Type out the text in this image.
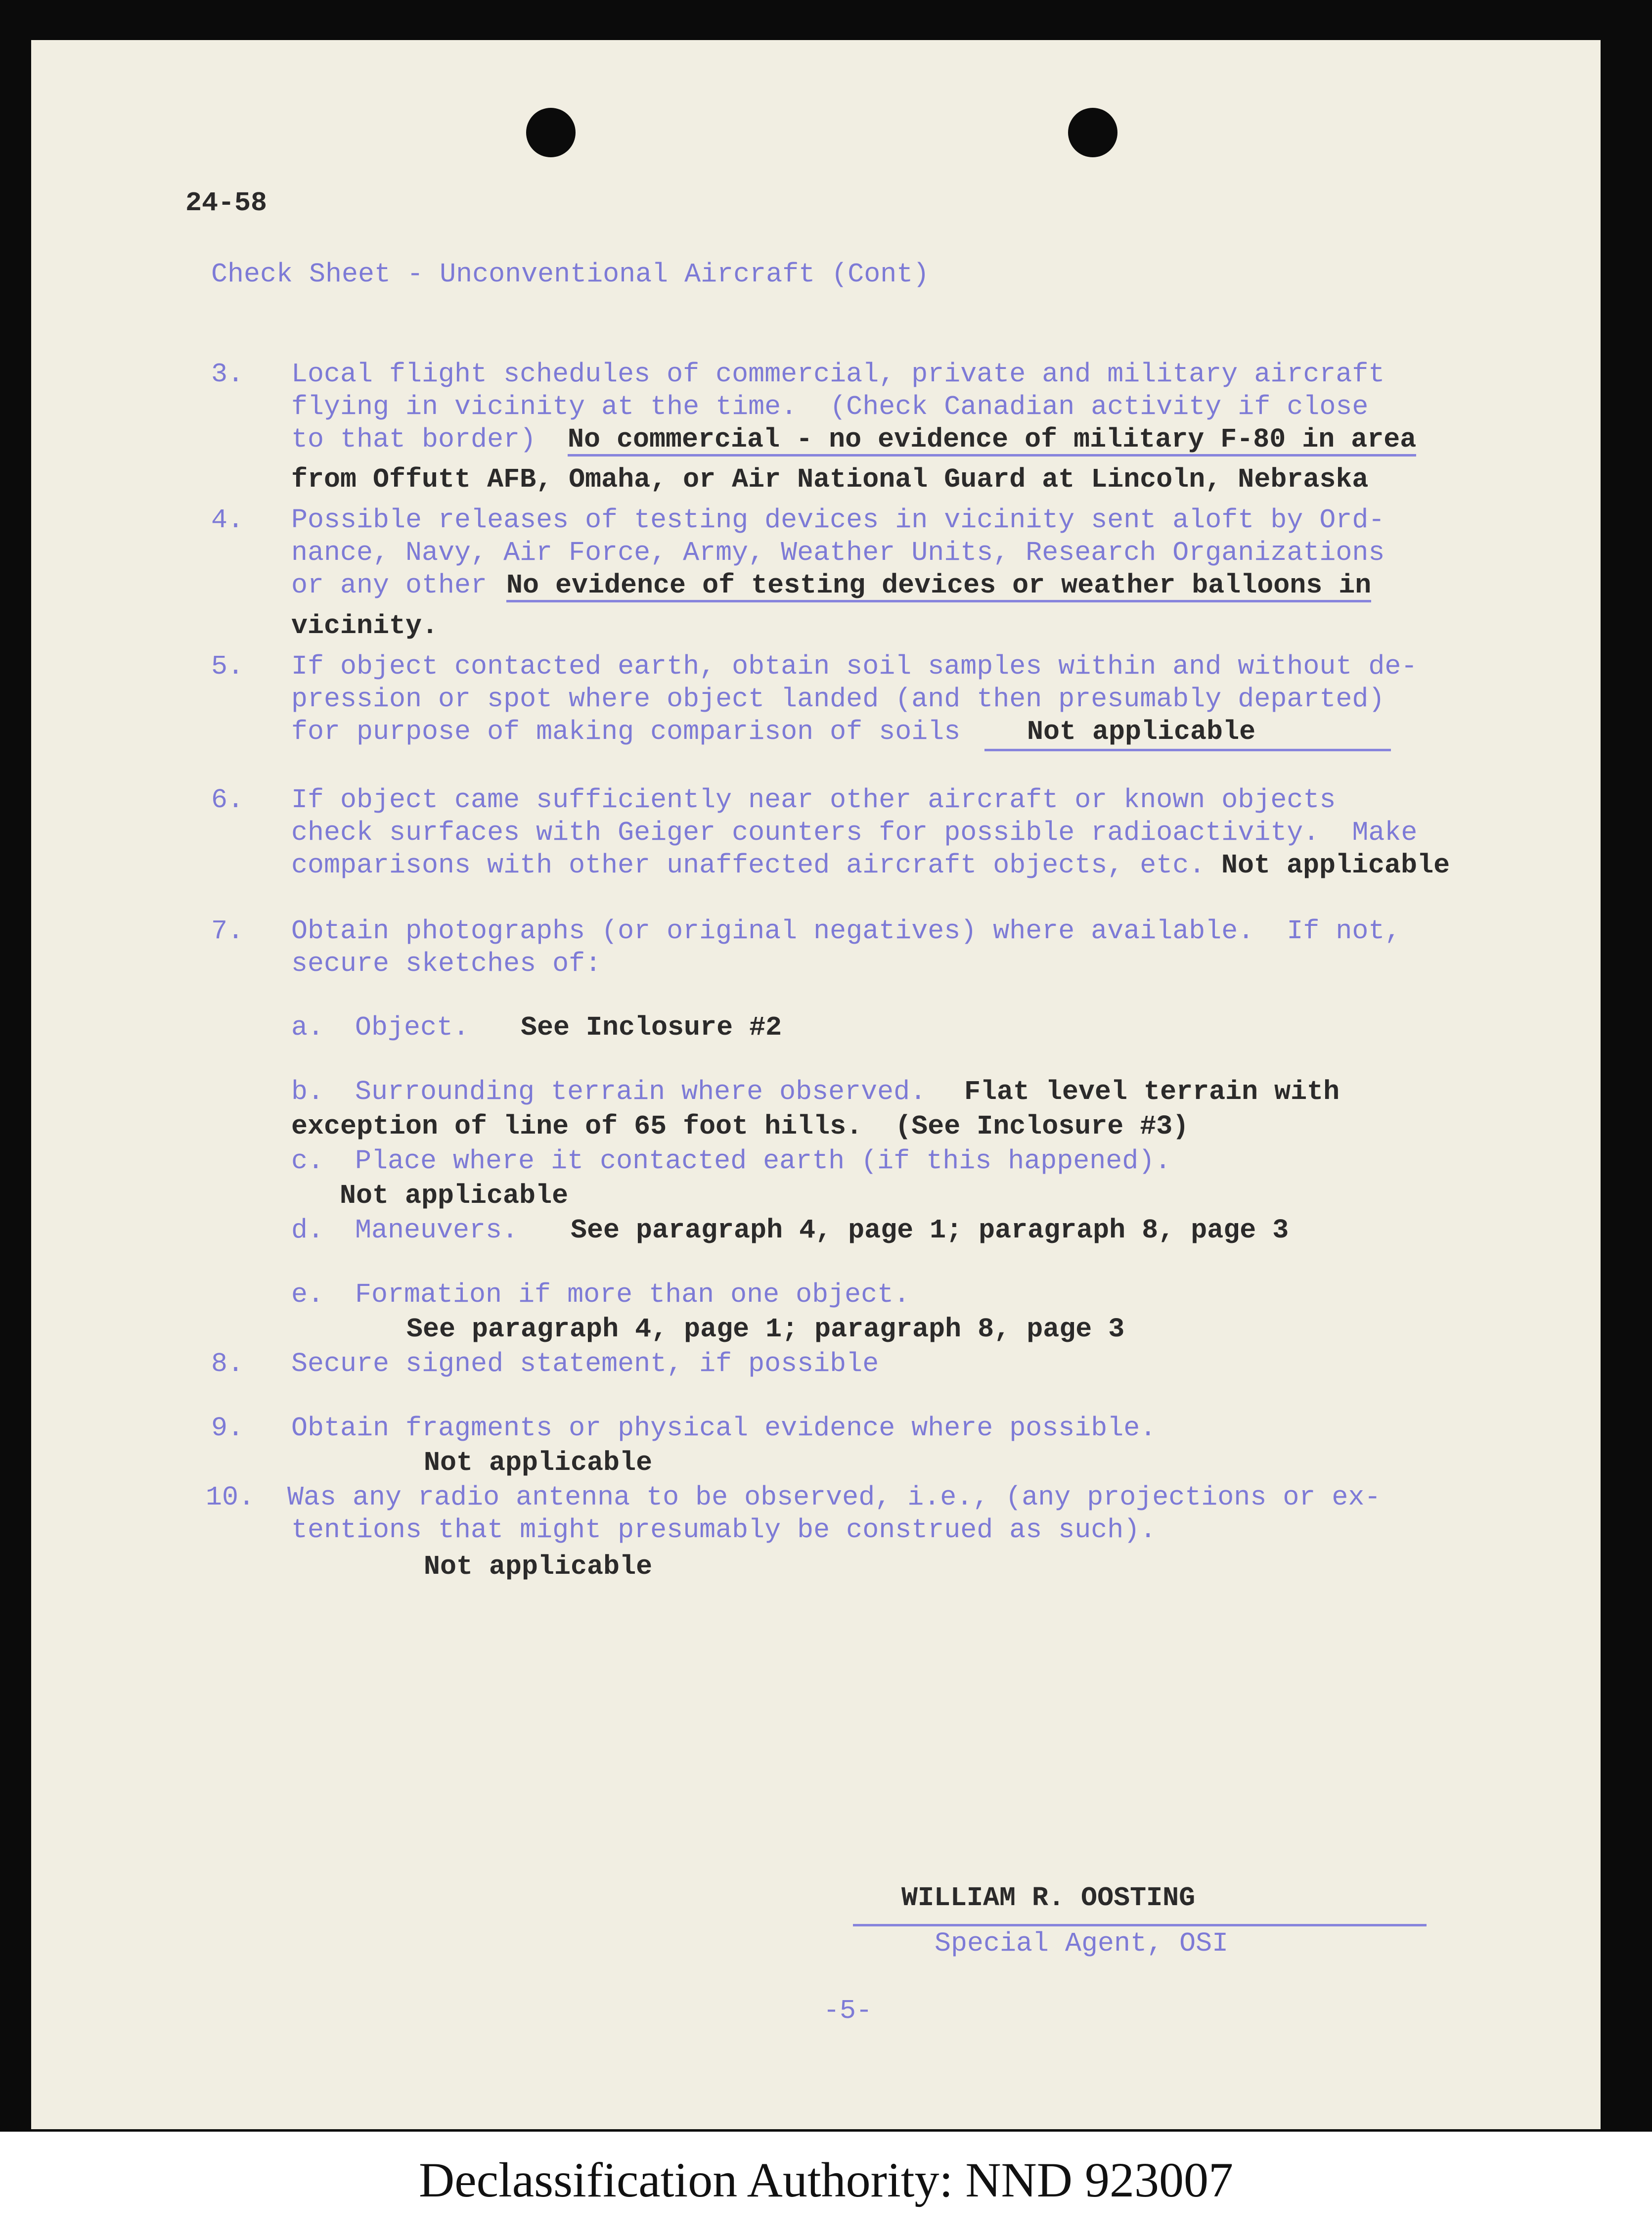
24-58
Check Sheet - Unconventional Aircraft (Cont)
3. Local flight schedules of commercial, private and military aircraft
flying in vicinity at the time.  (Check Canadian activity if close
to that border) No commercial - no evidence of military F-80 in area
from Offutt AFB, Omaha, or Air National Guard at Lincoln, Nebraska
4. Possible releases of testing devices in vicinity sent aloft by Ord-
nance, Navy, Air Force, Army, Weather Units, Research Organizations
or any other No evidence of testing devices or weather balloons in
vicinity.
5. If object contacted earth, obtain soil samples within and without de-
pression or spot where object landed (and then presumably departed)
for purpose of making comparison of soils Not applicable
6. If object came sufficiently near other aircraft or known objects
check surfaces with Geiger counters for possible radioactivity.  Make
comparisons with other unaffected aircraft objects, etc. Not applicable
7. Obtain photographs (or original negatives) where available.  If not,
secure sketches of:
a. Object. See Inclosure #2
b. Surrounding terrain where observed. Flat level terrain with
exception of line of 65 foot hills.  (See Inclosure #3)
c. Place where it contacted earth (if this happened).
Not applicable
d. Maneuvers. See paragraph 4, page 1; paragraph 8, page 3
e. Formation if more than one object.
See paragraph 4, page 1; paragraph 8, page 3
8. Secure signed statement, if possible
9. Obtain fragments or physical evidence where possible.
Not applicable
10. Was any radio antenna to be observed, i.e., (any projections or ex-
tentions that might presumably be construed as such).
Not applicable
WILLIAM R. OOSTING
Special Agent, OSI
-5-
Declassification Authority: NND 923007
